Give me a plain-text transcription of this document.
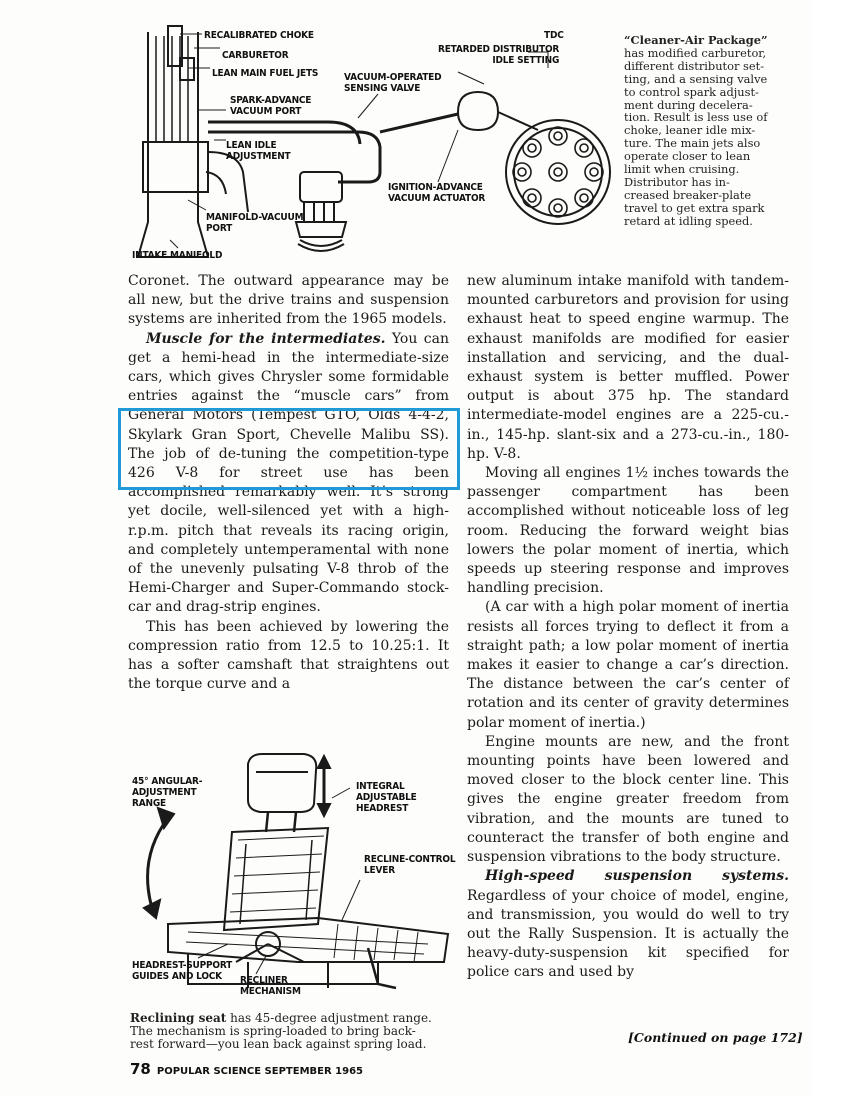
RECALIBRATED CHOKE
CARBURETOR
LEAN MAIN FUEL JETS
SPARK-ADVANCE
VACUUM PORT
VACUUM-OPERATED
SENSING VALVE
TDC
RETARDED DISTRIBUTOR
IDLE SETTING
LEAN IDLE
ADJUSTMENT
IGNITION-ADVANCE
VACUUM ACTUATOR
MANIFOLD-VACUUM
PORT
INTAKE MANIFOLD
“Cleaner-Air Package”
has modified carburetor,
different distributor set-
ting, and a sensing valve
to control spark adjust-
ment during decelera-
tion. Result is less use of
choke, leaner idle mix-
ture. The main jets also
operate closer to lean
limit when cruising.
Distributor has in-
creased breaker-plate
travel to get extra spark
retard at idling speed.

Coronet. The outward appearance may be all new, but the drive trains and suspension systems are inherited from the 1965 models.

Muscle for the intermediates. You can get a hemi-head in the intermediate-size cars, which gives Chrysler some formidable entries against the “muscle cars” from General Motors (Tempest GTO, Olds 4-4-2, Skylark Gran Sport, Chevelle Malibu SS). The job of de-tuning the competition-type 426 V-8 for street use has been accomplished remarkably well. It’s strong yet docile, well-silenced yet with a high-r.p.m. pitch that reveals its racing origin, and completely untemperamental with none of the unevenly pulsating V-8 throb of the Hemi-Charger and Super-Commando stock-car and drag-strip engines.

This has been achieved by lowering the compression ratio from 12.5 to 10.25:1. It has a softer camshaft that straightens out the torque curve and a

new aluminum intake manifold with tandem-mounted carburetors and provision for using exhaust heat to speed engine warmup. The exhaust manifolds are modified for easier installation and servicing, and the dual-exhaust system is better muffled. Power output is about 375 hp. The standard intermediate-model engines are a 225-cu.-in., 145-hp. slant-six and a 273-cu.-in., 180-hp. V-8.

Moving all engines 1½ inches towards the passenger compartment has been accomplished without noticeable loss of leg room. Reducing the forward weight bias lowers the polar moment of inertia, which speeds up steering response and improves handling precision.

(A car with a high polar moment of inertia resists all forces trying to deflect it from a straight path; a low polar moment of inertia makes it easier to change a car’s direction. The distance between the car’s center of rotation and its center of gravity determines polar moment of inertia.)

Engine mounts are new, and the front mounting points have been lowered and moved closer to the block center line. This gives the engine greater freedom from vibration, and the mounts are tuned to counteract the transfer of both engine and suspension vibrations to the body structure.

High-speed suspension systems. Regardless of your choice of model, engine, and transmission, you would do well to try out the Rally Suspension. It is actually the heavy-duty-suspension kit specified for police cars and used by

[Continued on page 172]
45° ANGULAR-
ADJUSTMENT
RANGE
INTEGRAL
ADJUSTABLE
HEADREST
RECLINE-CONTROL
LEVER
HEADREST-SUPPORT
GUIDES AND LOCK	RECLINER
MECHANISM
Reclining seat has 45-degree adjustment range.
The mechanism is spring-loaded to bring back-
rest forward—you lean back against spring load.
78 POPULAR SCIENCE SEPTEMBER 1965
